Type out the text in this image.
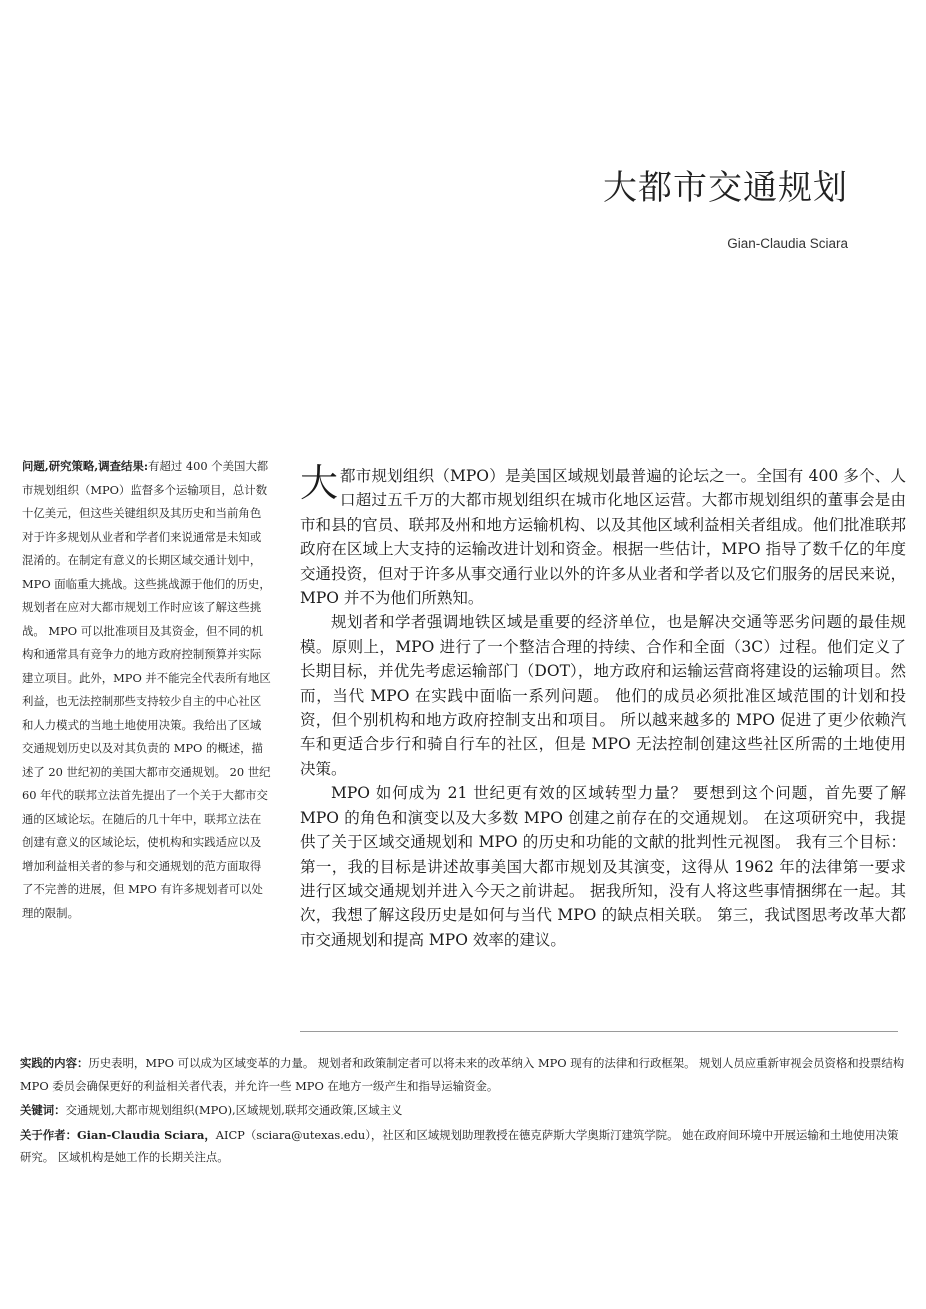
大都市交通规划
Gian-Claudia Sciara
问题,研究策略,调查结果:有超过 400 个美国大都市规划组织（MPO）监督多个运输项目，总计数十亿美元，但这些关键组织及其历史和当前角色对于许多规划从业者和学者们来说通常是未知或混淆的。在制定有意义的长期区域交通计划中，MPO 面临重大挑战。这些挑战源于他们的历史，规划者在应对大都市规划工作时应该了解这些挑战。 MPO 可以批准项目及其资金，但不同的机构和通常具有竞争力的地方政府控制预算并实际建立项目。此外，MPO 并不能完全代表所有地区利益，也无法控制那些支持较少自主的中心社区和人力模式的当地土地使用决策。我给出了区域交通规划历史以及对其负责的 MPO 的概述，描述了 20 世纪初的美国大都市交通规划。 20 世纪 60 年代的联邦立法首先提出了一个关于大都市交通的区域论坛。在随后的几十年中，联邦立法在创建有意义的区域论坛，使机构和实践适应以及增加利益相关者的参与和交通规划的范方面取得了不完善的进展，但 MPO 有许多规划者可以处理的限制。

大都市规划组织（MPO）是美国区域规划最普遍的论坛之一。全国有 400 多个、人口超过五千万的大都市规划组织在城市化地区运营。大都市规划组织的董事会是由市和县的官员、联邦及州和地方运输机构、以及其他区域利益相关者组成。他们批准联邦政府在区域上大支持的运输改进计划和资金。根据一些估计，MPO 指导了数千亿的年度交通投资，但对于许多从事交通行业以外的许多从业者和学者以及它们服务的居民来说，MPO 并不为他们所熟知。

规划者和学者强调地铁区域是重要的经济单位，也是解决交通等恶劣问题的最佳规模。原则上，MPO 进行了一个整洁合理的持续、合作和全面（3C）过程。他们定义了长期目标，并优先考虑运输部门（DOT），地方政府和运输运营商将建设的运输项目。然而，当代 MPO 在实践中面临一系列问题。 他们的成员必须批准区域范围的计划和投资，但个别机构和地方政府控制支出和项目。 所以越来越多的 MPO 促进了更少依赖汽车和更适合步行和骑自行车的社区，但是 MPO 无法控制创建这些社区所需的土地使用决策。

MPO 如何成为 21 世纪更有效的区域转型力量？ 要想到这个问题，首先要了解 MPO 的角色和演变以及大多数 MPO 创建之前存在的交通规划。 在这项研究中，我提供了关于区域交通规划和 MPO 的历史和功能的文献的批判性元视图。 我有三个目标：第一，我的目标是讲述故事美国大都市规划及其演变，这得从 1962 年的法律第一要求进行区域交通规划并进入今天之前讲起。 据我所知，没有人将这些事情捆绑在一起。其次，我想了解这段历史是如何与当代 MPO 的缺点相关联。 第三，我试图思考改革大都市交通规划和提高 MPO 效率的建议。

实践的内容：历史表明，MPO 可以成为区域变革的力量。 规划者和政策制定者可以将未来的改革纳入 MPO 现有的法律和行政框架。 规划人员应重新审视会员资格和投票结构 MPO 委员会确保更好的利益相关者代表，并允许一些 MPO 在地方一级产生和指导运输资金。

关键词：交通规划,大都市规划组织(MPO),区域规划,联邦交通政策,区域主义

关于作者：Gian-Claudia Sciara，AICP（sciara@utexas.edu），社区和区域规划助理教授在德克萨斯大学奥斯汀建筑学院。 她在政府间环境中开展运输和土地使用决策研究。 区域机构是她工作的长期关注点。
